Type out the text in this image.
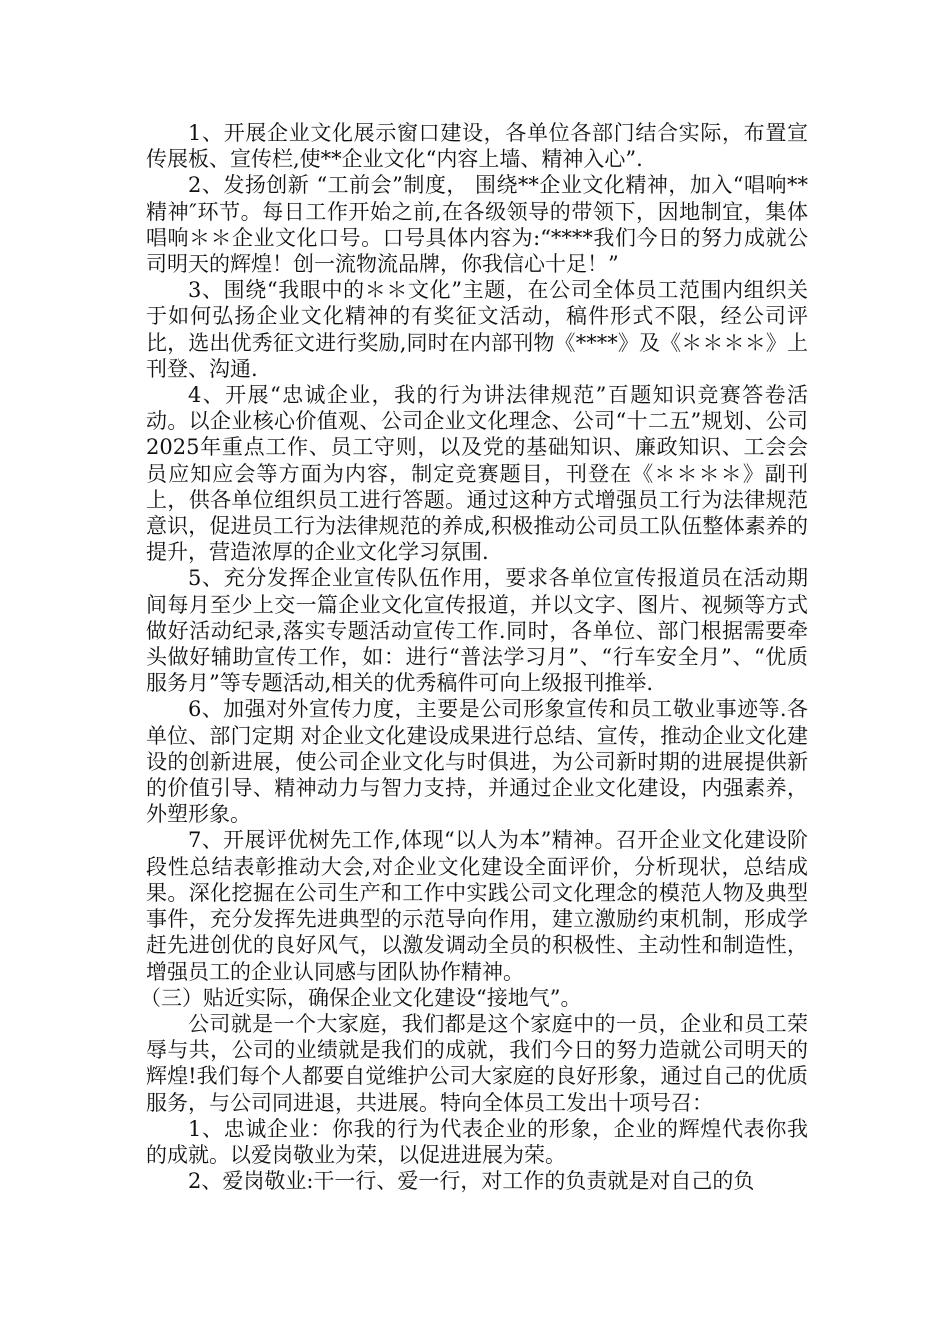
1、开展企业文化展示窗口建设，各单位各部门结合实际，布置宣传展板、宣传栏,使**企业文化“内容上墙、精神入心”.

2、发扬创新 “工前会”制度， 围绕**企业文化精神，加入“唱响**精神″环节。每日工作开始之前,在各级领导的带领下，因地制宜，集体唱响＊＊企业文化口号。口号具体内容为:“****我们今日的努力成就公司明天的辉煌！创一流物流品牌，你我信心十足！”

3、围绕“我眼中的＊＊文化”主题，在公司全体员工范围内组织关于如何弘扬企业文化精神的有奖征文活动，稿件形式不限，经公司评比，选出优秀征文进行奖励,同时在内部刊物《****》及《＊＊＊＊》上刊登、沟通.

4、开展“忠诚企业，我的行为讲法律规范”百题知识竞赛答卷活动。以企业核心价值观、公司企业文化理念、公司“十二五”规划、公司2025年重点工作、员工守则，以及党的基础知识、廉政知识、工会会员应知应会等方面为内容，制定竞赛题目，刊登在《＊＊＊＊》副刊上，供各单位组织员工进行答题。通过这种方式增强员工行为法律规范意识，促进员工行为法律规范的养成,积极推动公司员工队伍整体素养的提升，营造浓厚的企业文化学习氛围.

5、充分发挥企业宣传队伍作用，要求各单位宣传报道员在活动期间每月至少上交一篇企业文化宣传报道，并以文字、图片、视频等方式做好活动纪录,落实专题活动宣传工作.同时，各单位、部门根据需要牵头做好辅助宣传工作，如：进行“普法学习月”、“行车安全月”、“优质服务月”等专题活动,相关的优秀稿件可向上级报刊推举.

6、加强对外宣传力度，主要是公司形象宣传和员工敬业事迹等.各单位、部门定期 对企业文化建设成果进行总结、宣传，推动企业文化建设的创新进展，使公司企业文化与时俱进，为公司新时期的进展提供新的价值引导、精神动力与智力支持，并通过企业文化建设，内强素养，外塑形象。

7、开展评优树先工作,体现“以人为本”精神。召开企业文化建设阶段性总结表彰推动大会,对企业文化建设全面评价，分析现状，总结成果。深化挖掘在公司生产和工作中实践公司文化理念的模范人物及典型事件，充分发挥先进典型的示范导向作用，建立激励约束机制，形成学赶先进创优的良好风气，以激发调动全员的积极性、主动性和制造性，增强员工的企业认同感与团队协作精神。

（三）贴近实际，确保企业文化建设“接地气”。

公司就是一个大家庭，我们都是这个家庭中的一员，企业和员工荣辱与共，公司的业绩就是我们的成就，我们今日的努力造就公司明天的辉煌!我们每个人都要自觉维护公司大家庭的良好形象，通过自己的优质服务，与公司同进退，共进展。特向全体员工发出十项号召：

1、忠诚企业：你我的行为代表企业的形象，企业的辉煌代表你我的成就。以爱岗敬业为荣，以促进进展为荣。

2、爱岗敬业:干一行、爱一行，对工作的负责就是对自己的负
